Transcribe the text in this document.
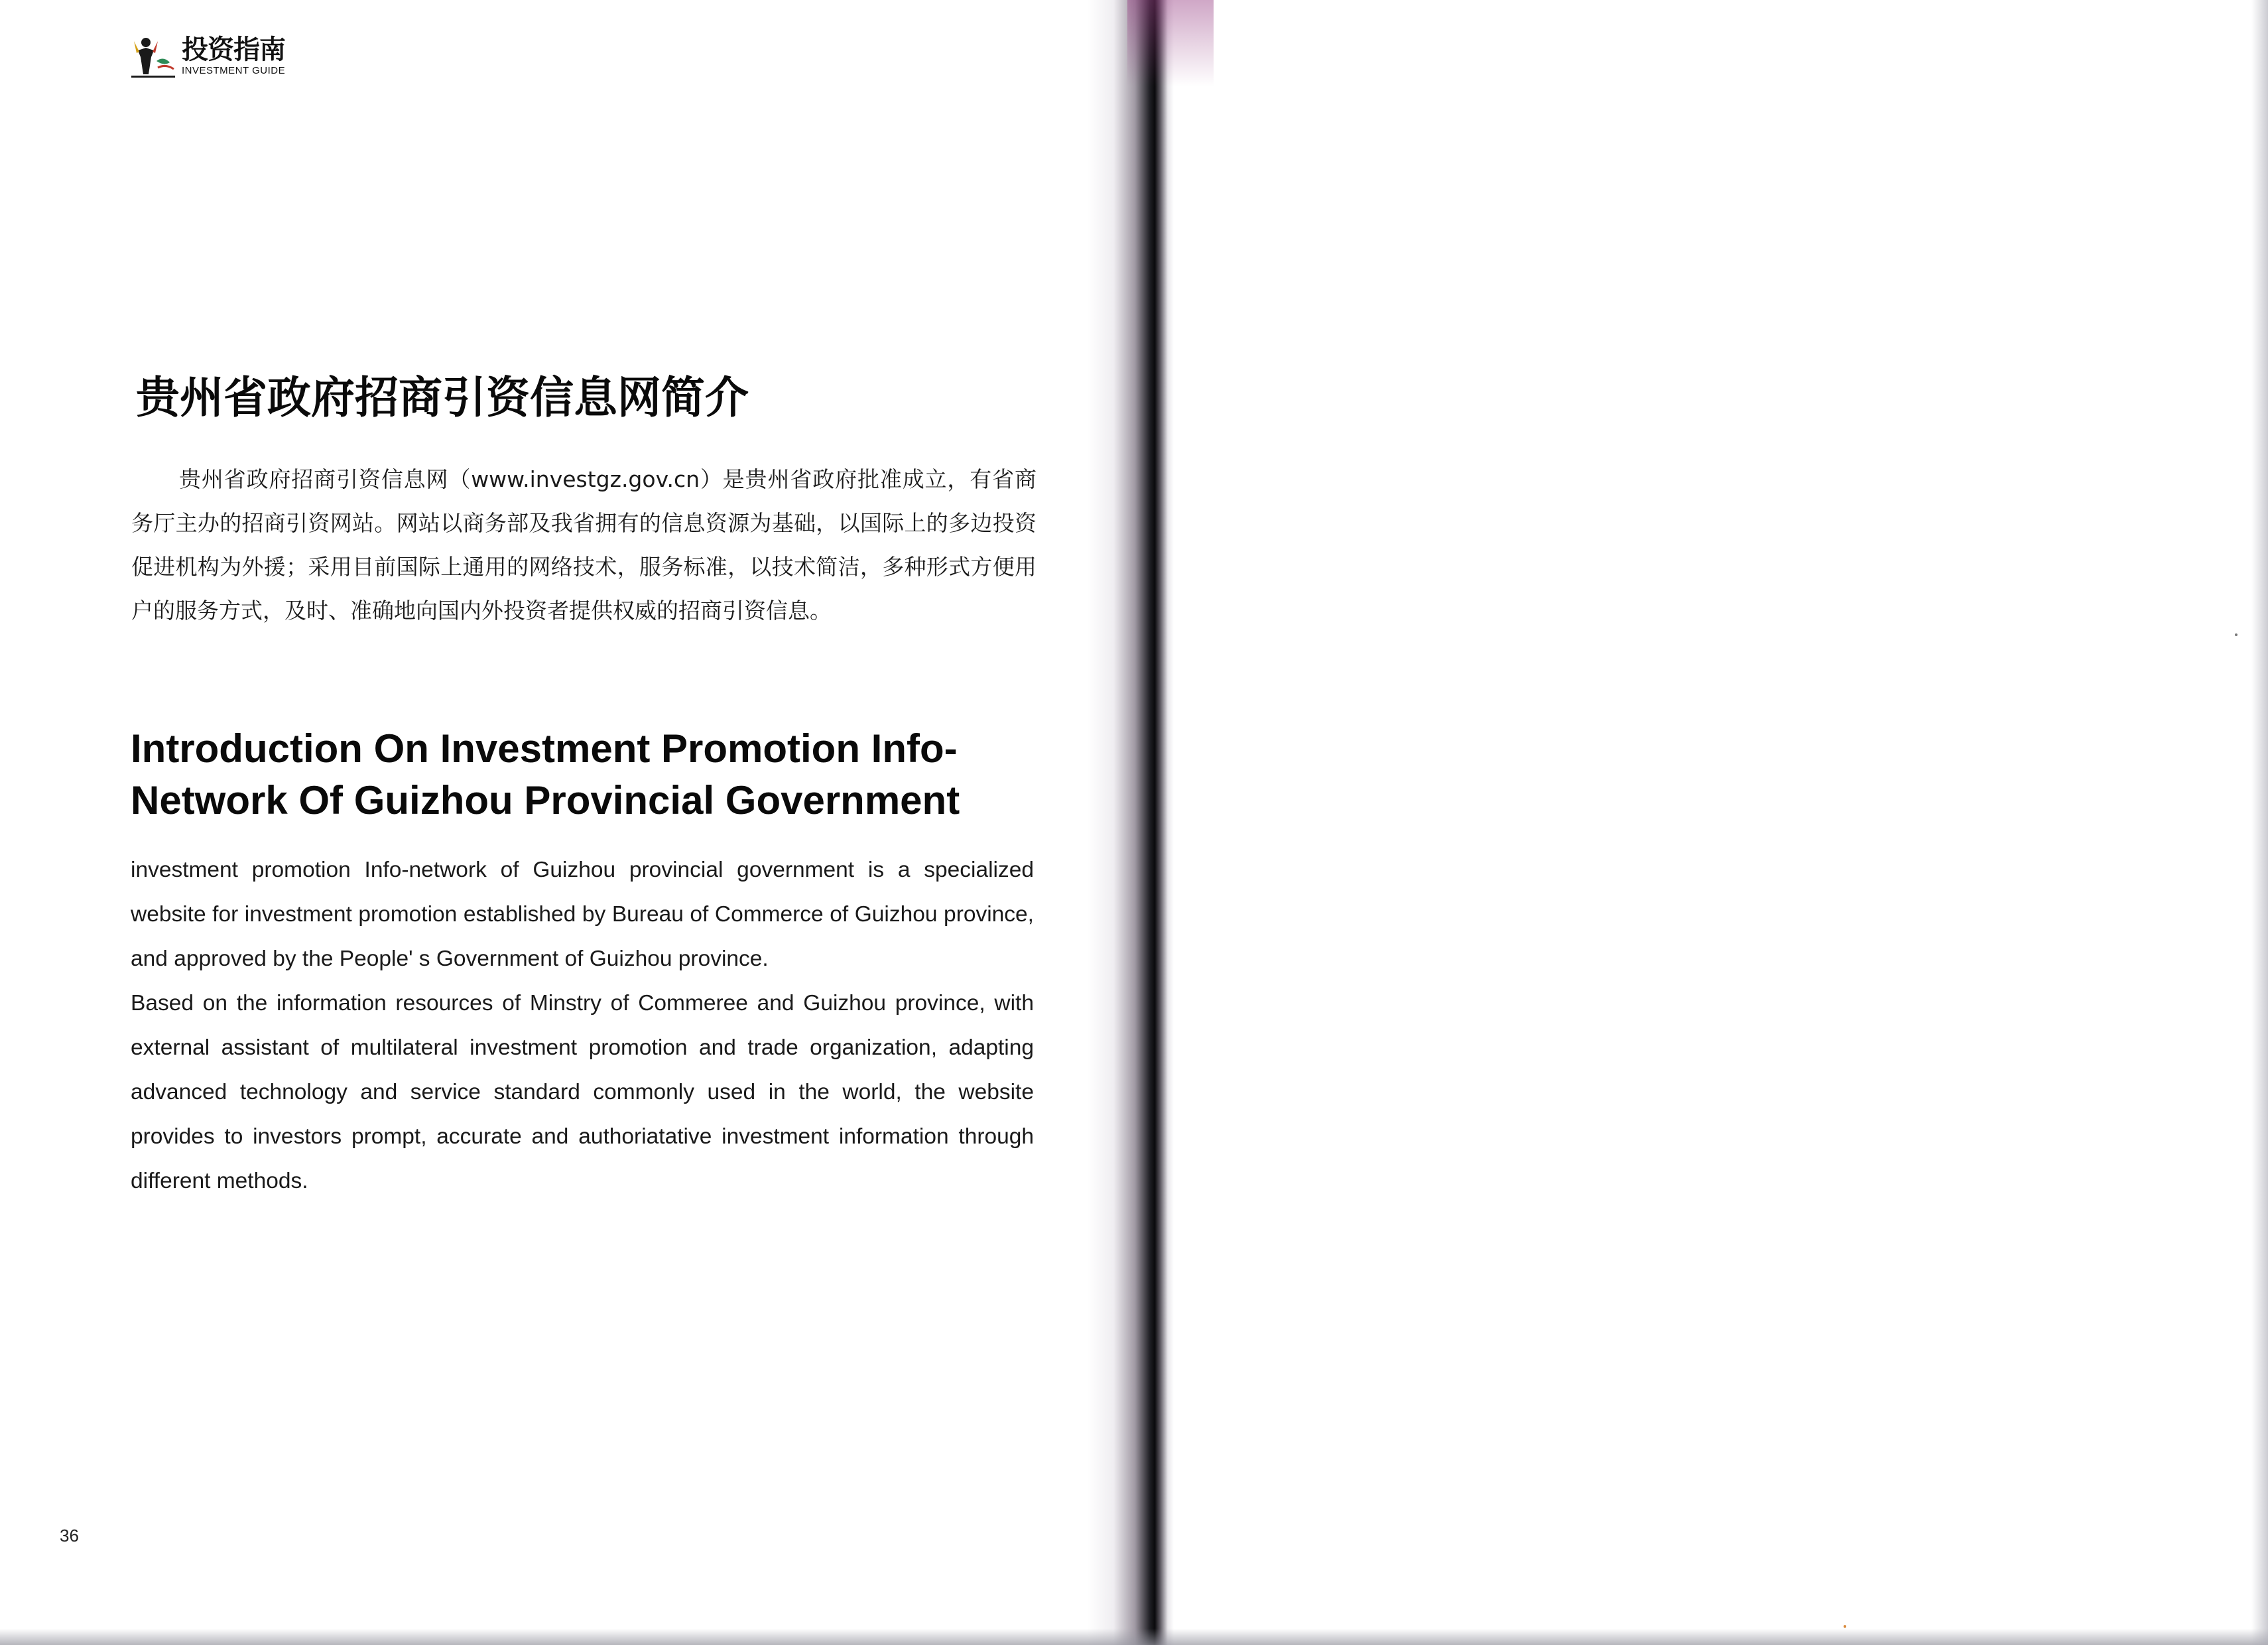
投资指南
INVESTMENT GUIDE
贵州省政府招商引资信息网简介

贵州省政府招商引资信息网（www.investgz.gov.cn）是贵州省政府批准成立，有省商务厅主办的招商引资网站。网站以商务部及我省拥有的信息资源为基础，以国际上的多边投资促进机构为外援；采用目前国际上通用的网络技术，服务标准，以技术简洁，多种形式方便用户的服务方式，及时、准确地向国内外投资者提供权威的招商引资信息。

Introduction On Investment Promotion Info-Network Of Guizhou Provincial Government
investment promotion Info-network of Guizhou provincial government is a specialized website for investment promotion established by Bureau of Commerce of Guizhou province, and approved by the People' s Government of Guizhou province.
Based on the information resources of Minstry of Commeree and Guizhou province, with external assistant of multilateral investment promotion and trade organization, adapting advanced technology and service standard commonly used in the world, the website provides to investors prompt, accurate and authoriatative investment information through different methods.
36
